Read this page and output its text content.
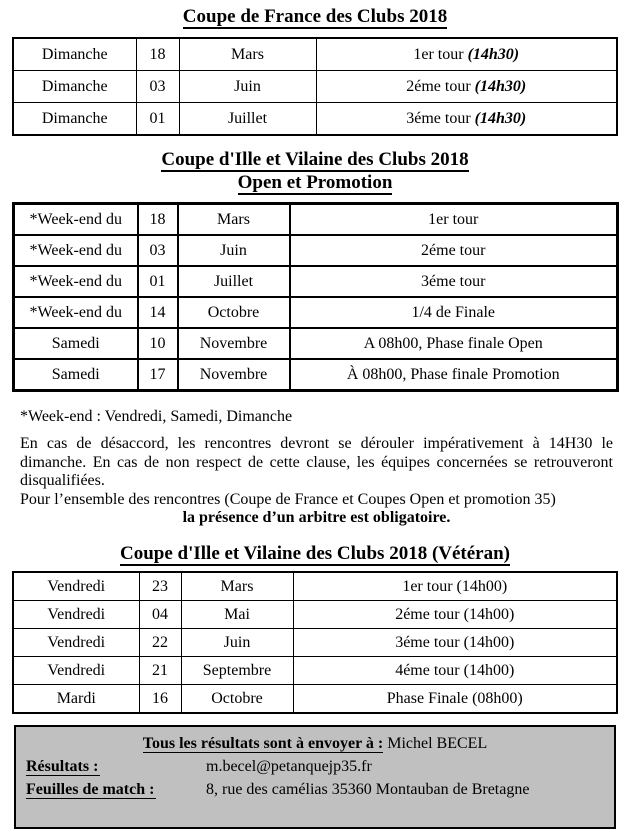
Coupe de France des Clubs 2018
Dimanche	18	Mars	1er tour (14h30)
Dimanche	03	Juin	2éme tour (14h30)
Dimanche	01	Juillet	3éme tour (14h30)
Coupe d'Ille et Vilaine des Clubs 2018
Open et Promotion
*Week-end du	18	Mars	1er tour
*Week-end du	03	Juin	2éme tour
*Week-end du	01	Juillet	3éme tour
*Week-end du	14	Octobre	1/4 de Finale
Samedi	10	Novembre	A 08h00, Phase finale Open
Samedi	17	Novembre	À 08h00, Phase finale Promotion
*Week-end : Vendredi, Samedi, Dimanche
En cas de désaccord, les rencontres devront se dérouler impérativement à 14H30 le dimanche. En cas de non respect de cette clause, les équipes concernées se retrouveront disqualifiées.
Pour l’ensemble des rencontres (Coupe de France et Coupes Open et promotion 35)
la présence d’un arbitre est obligatoire.
Coupe d'Ille et Vilaine des Clubs 2018 (Vétéran)
Vendredi	23	Mars	1er tour (14h00)
Vendredi	04	Mai	2éme tour (14h00)
Vendredi	22	Juin	3éme tour (14h00)
Vendredi	21	Septembre	4éme tour (14h00)
Mardi	16	Octobre	Phase Finale (08h00)
Tous les résultats sont à envoyer à : Michel BECEL
Résultats :	m.becel@petanquejp35.fr
Feuilles de match :	8, rue des camélias 35360 Montauban de Bretagne
